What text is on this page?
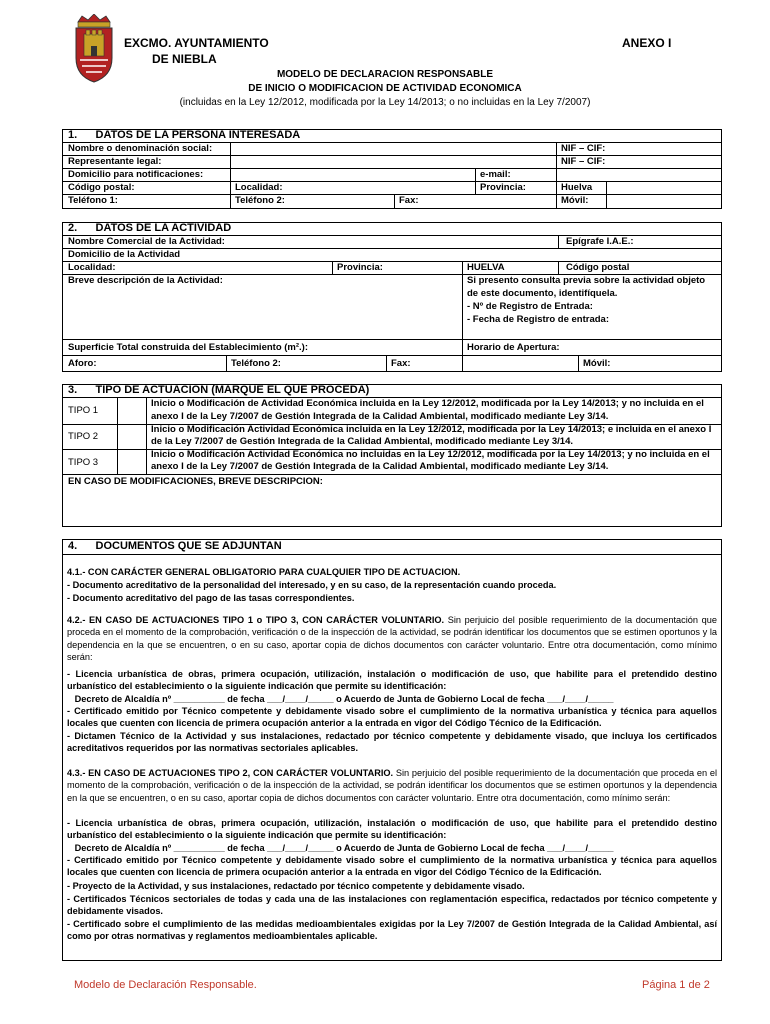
EXCMO. AYUNTAMIENTO
DE NIEBLA
ANEXO I
MODELO DE DECLARACION RESPONSABLE
DE INICIO O MODIFICACION DE ACTIVIDAD ECONOMICA
(incluidas en la Ley 12/2012, modificada por la Ley 14/2013; o no incluidas en la Ley 7/2007)
1.      DATOS DE LA PERSONA INTERESADA
Nombre o denominación social:	NIF – CIF:
Representante legal:	NIF – CIF:
Domicilio para notificaciones:	e-mail:
Código postal:	Localidad:	Provincia:	Huelva
Teléfono 1:	Teléfono 2:	Fax:	Móvil:
2.      DATOS DE LA ACTIVIDAD
Nombre Comercial de la Actividad:	Epígrafe I.A.E.:
Domicilio de la Actividad
Localidad:	Provincia:	HUELVA	Código postal
Breve descripción de la Actividad:	Si presento consulta previa sobre la actividad objeto
de este documento, identifíquela.
- Nº de Registro de Entrada:
- Fecha de Registro de entrada:
Superficie Total construida del Establecimiento (m².):	Horario de Apertura:
Aforo:	Teléfono 2:	Fax:	Móvil:
3.      TIPO DE ACTUACION (MARQUE EL QUE PROCEDA)
TIPO 1
Inicio o Modificación de Actividad Económica incluida en la Ley 12/2012, modificada por la Ley 14/2013; y no incluida en el
anexo I de la Ley 7/2007 de Gestión Integrada de la Calidad Ambiental, modificado mediante Ley 3/14.
TIPO 2
Inicio o Modificación Actividad Económica incluida en la Ley 12/2012, modificada por la Ley 14/2013; e incluida en el anexo I
de la Ley 7/2007 de Gestión Integrada de la Calidad Ambiental, modificado mediante Ley 3/14.
TIPO 3
Inicio o Modificación Actividad Económica no incluidas en la Ley 12/2012, modificada por la Ley 14/2013; y no incluida en el
anexo I de la Ley 7/2007 de Gestión Integrada de la Calidad Ambiental, modificado mediante Ley 3/14.
EN CASO DE MODIFICACIONES, BREVE DESCRIPCION:
4.      DOCUMENTOS QUE SE ADJUNTAN
4.1.- CON CARÁCTER GENERAL OBLIGATORIO PARA CUALQUIER TIPO DE ACTUACION.
- Documento acreditativo de la personalidad del interesado, y en su caso, de la representación cuando proceda.
- Documento acreditativo del pago de las tasas correspondientes.
4.2.- EN CASO DE ACTUACIONES TIPO 1 o TIPO 3, CON CARÁCTER VOLUNTARIO. Sin perjuicio del posible requerimiento de la documentación que proceda en el momento de la comprobación, verificación o de la inspección de la actividad, se podrán identificar los documentos que se estimen oportunos y la dependencia en la que se encuentren, o en su caso, aportar copia de dichos documentos con carácter voluntario. Entre otra documentación, como mínimo serán:
- Licencia urbanística de obras, primera ocupación, utilización, instalación o modificación de uso, que habilite para el pretendido destino urbanístico del establecimiento o la siguiente indicación que permite su identificación:
Decreto de Alcaldía nº __________ de fecha ___/____/_____ o Acuerdo de Junta de Gobierno Local de fecha ___/____/_____
- Certificado emitido por Técnico competente y debidamente visado sobre el cumplimiento de la normativa urbanística y técnica para aquellos locales que cuenten con licencia de primera ocupación anterior a la entrada en vigor del Código Técnico de la Edificación.
- Dictamen Técnico de la Actividad y sus instalaciones, redactado por técnico competente y debidamente visado, que incluya los certificados acreditativos requeridos por las normativas sectoriales aplicables.
4.3.- EN CASO DE ACTUACIONES TIPO 2, CON CARÁCTER VOLUNTARIO. Sin perjuicio del posible requerimiento de la documentación que proceda en el momento de la comprobación, verificación o de la inspección de la actividad, se podrán identificar los documentos que se estimen oportunos y la dependencia en la que se encuentren, o en su caso, aportar copia de dichos documentos con carácter voluntario. Entre otra documentación, como mínimo serán:
- Licencia urbanística de obras, primera ocupación, utilización, instalación o modificación de uso, que habilite para el pretendido destino urbanístico del establecimiento o la siguiente indicación que permite su identificación:
Decreto de Alcaldía nº __________ de fecha ___/____/_____ o Acuerdo de Junta de Gobierno Local de fecha ___/____/_____
- Certificado emitido por Técnico competente y debidamente visado sobre el cumplimiento de la normativa urbanística y técnica para aquellos locales que cuenten con licencia de primera ocupación anterior a la entrada en vigor del Código Técnico de la Edificación.
- Proyecto de la Actividad, y sus instalaciones, redactado por técnico competente y debidamente visado.
- Certificados Técnicos sectoriales de todas y cada una de las instalaciones con reglamentación especifica, redactados por técnico competente y debidamente visados.
- Certificado sobre el cumplimiento de las medidas medioambientales exigidas por la Ley 7/2007 de Gestión Integrada de la Calidad Ambiental, así como por otras normativas y reglamentos medioambientales aplicable.
Modelo de Declaración Responsable.	Página 1 de 2
